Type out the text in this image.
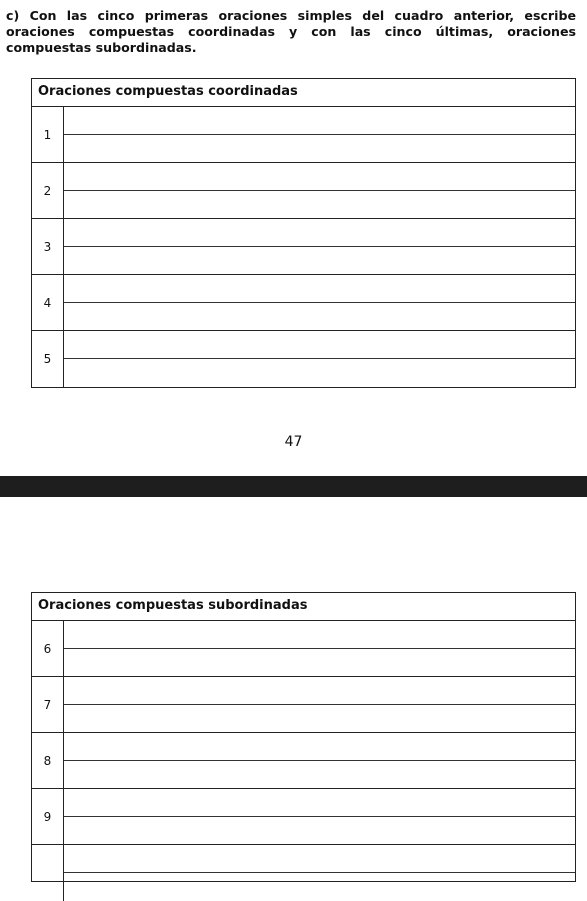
c) Con las cinco primeras oraciones simples del cuadro anterior, escribe oraciones compuestas coordinadas y con las cinco últimas, oraciones compuestas subordinadas.

Oraciones compuestas coordinadas
1
2
3
4
5
47
Oraciones compuestas subordinadas
6
7
8
9
